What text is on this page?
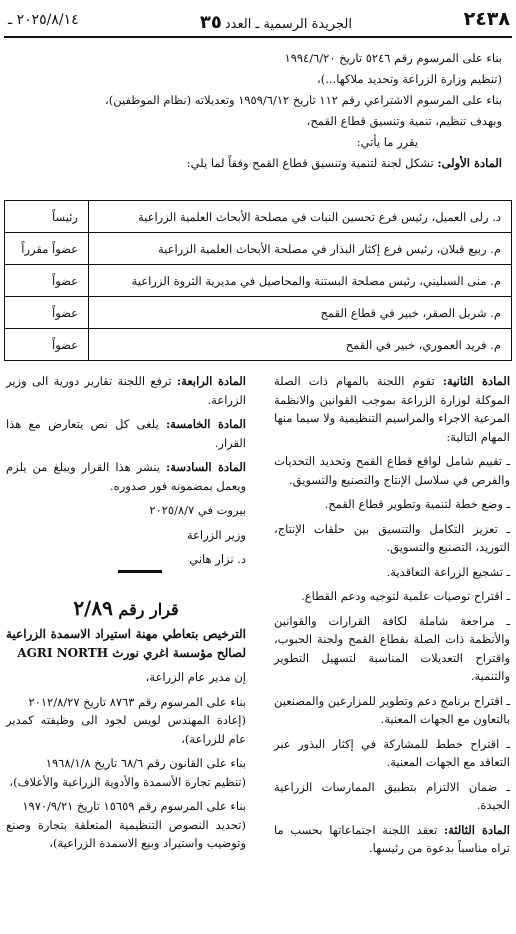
٢٤٣٨
الجريدة الرسمية ـ العدد٣٥
٢٠٢٥/٨/١٤ ـ

بناء على المرسوم رقم ٥٢٤٦ تاريخ ١٩٩٤/٦/٢٠

(تنظيم وزارة الزراعة وتحديد ملاكها...)،

بناء على المرسوم الاشتراعي رقم ١١٢ تاريخ ١٩٥٩/٦/١٢ وتعديلاته (نظام الموظفين)،

وبهدف تنظيم، تنمية وتنسيق قطاع القمح،

يقرر ما يأتي:

المادة الأولى: تشكل لجنة لتنمية وتنسيق قطاع القمح وفقاً لما يلي:

د. رلى العميل، رئيس فرع تحسين النبات في مصلحة الأبحاث العلمية الزراعية	رئيساً
م. ربيع قبلان، رئيس فرع إكثار البذار في مصلحة الأبحاث العلمية الزراعية	عضواً مقرراً
م. منى السبليني، رئيس مصلحة البستنة والمحاصيل في مديرية الثروة الزراعية	عضواً
م. شربل الصقر، خبير في قطاع القمح	عضواً
م. فريد العموري، خبير في القمح	عضواً

المادة الثانية: تقوم اللجنة بالمهام ذات الصلة الموكلة لوزارة الزراعة بموجب القوانين والانظمة المرعية الاجراء والمراسيم التنظيمية ولا سيما منها المهام التالية:

ـ تقييم شامل لواقع قطاع القمح وتحديد التحديات والفرص في سلاسل الإنتاج والتصنيع والتسويق.

ـ وضع خطة لتنمية وتطوير قطاع القمح.

ـ تعزيز التكامل والتنسيق بين حلقات الإنتاج، التوريد، التصنيع والتسويق.

ـ تشجيع الزراعة التعاقدية.

ـ اقتراح توصيات علمية لتوجيه ودعم القطاع.

ـ مراجعة شاملة لكافة القرارات والقوانين والأنظمة ذات الصلة بقطاع القمح ولجنة الحبوب، واقتراح التعديلات المناسبة لتسهيل التطوير والتنمية.

ـ اقتراح برنامج دعم وتطوير للمزارعين والمصنعين بالتعاون مع الجهات المعنية.

ـ اقتراح خطط للمشاركة في إكثار البذور عبر التعاقد مع الجهات المعنية.

ـ ضمان الالتزام بتطبيق الممارسات الزراعية الجيدة.

المادة الثالثة: تعقد اللجنة اجتماعاتها بحسب ما تراه مناسباً بدعوة من رئيسها.

المادة الرابعة: ترفع اللجنة تقارير دورية الى وزير الزراعة.

المادة الخامسة: يلغى كل نص يتعارض مع هذا القرار.

المادة السادسة: ينشر هذا القرار ويبلغ من يلزم ويعمل بمضمونه فور صدوره.

بيروت في ٢٠٢٥/٨/٧

وزير الزراعة

د. نزار هاني

قرار رقم ٢/٨٩

الترخيص بتعاطي مهنة استيراد الاسمدة الزراعية لصالح مؤسسة اغري نورث AGRI NORTH

إن مدير عام الزراعة،

بناء على المرسوم رقم ٨٧٦٣ تاريخ ٢٠١٢/٨/٢٧

(إعادة المهندس لويس لحود الى وظيفته كمدير عام للزراعة)،

بناء على القانون رقم ٦٨/٦ تاريخ ١٩٦٨/١/٨

(تنظيم تجارة الأسمدة والأدوية الزراعية والأعلاف)،

بناء على المرسوم رقم ١٥٦٥٩ تاريخ ١٩٧٠/٩/٢١

(تحديد النصوص التنظيمية المتعلقة بتجارة وصنع وتوضيب واستيراد وبيع الاسمدة الزراعية)،
